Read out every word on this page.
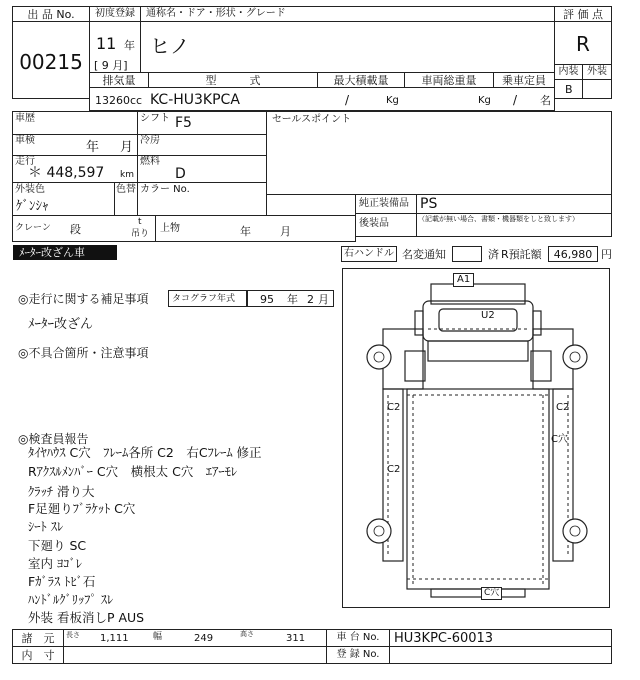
出 品 No.
00215
初度登録
11 年
[ 9 月]
通称名・ドア・形状・グレード
ヒノ
評 価 点
R
内装 外装
B
排気量	型　　　式	最大積載量	車両総重量	乗車定員
13260 cc KC-HU3KPCA	/	Kg	Kg / 名
車歴	シフト F5	セールスポイント
車検	年 月 冷房
走行
＊ 448,597 km
燃料
D
外装色
ｹﾞﾝｼｬ
色替 カラー No.
純正装備品 PS
後装品	（記載が無い場合、書類・機器類をしと致します）
クレーン 段
t
吊り 上物	年	月
ﾒｰﾀｰ改ざん車	右ハンドル 名変通知	済 R預託額	46,980 円
◎走行に関する補足事項	タコグラフ年式 95 年 2 月
ﾒｰﾀｰ改ざん
◎不具合箇所・注意事項
◎検査員報告
ﾀｲﾔﾊｳｽ C穴　ﾌﾚｰﾑ各所 C2　右Cﾌﾚｰﾑ 修正
Rｱｸｽﾙﾒﾝﾊﾞｰ C穴　横根太 C穴　ｴｱｰﾓﾚ
ｸﾗｯﾁ 滑り大
F足廻りﾌﾞﾗｹｯﾄ C穴
ｼｰﾄ ｽﾚ
下廻り SC
室内 ﾖｺﾞﾚ
Fｶﾞﾗｽ ﾄﾋﾞ石
ﾊﾝﾄﾞﾙｸﾞﾘｯﾌﾟ ｽﾚ
外装 看板消しP AUS
A1
U2
C2	C2
C穴
C2
C穴
諸　元	長さ 1,111	幅	249	高さ	311
内　寸
車 台 No.	HU3KPC-60013
登 録 No.
